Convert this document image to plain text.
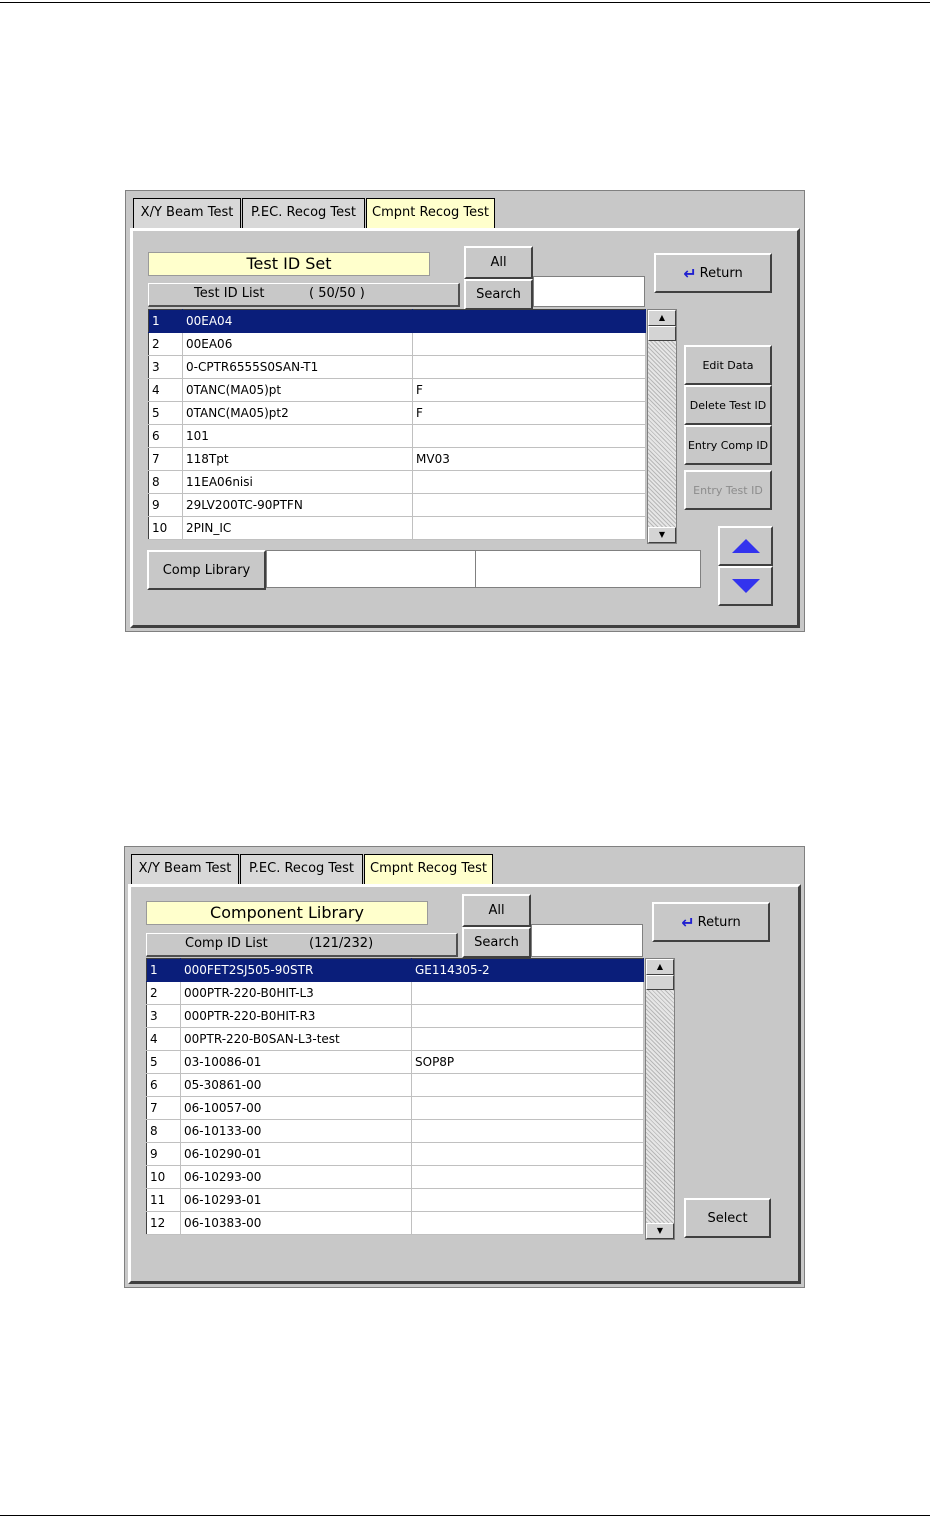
X/Y Beam Test	P.EC. Recog Test	Cmpnt Recog Test
Test ID Set

Test ID List

	( 50/50 )

All
Search
↵ Return
1	00EA04	
2	00EA06	
3	0-CPTR6555S0SAN-T1	
4	0TANC(MA05)pt	F
5	0TANC(MA05)pt2	F
6	101	
7	118Tpt	MV03
8	11EA06nisi	
9	29LV200TC-90PTFN	
10	2PIN_IC	
▲
▼
Edit Data
Delete Test ID
Entry Comp ID
Entry Test ID
Comp Library
X/Y Beam Test	P.EC. Recog Test	Cmpnt Recog Test
Component Library

Comp ID List

	(121/232)

All
Search
↵ Return
1	000FET2SJ505-90STR	GE114305-2
2	000PTR-220-B0HIT-L3	
3	000PTR-220-B0HIT-R3	
4	00PTR-220-B0SAN-L3-test	
5	03-10086-01	SOP8P
6	05-30861-00	
7	06-10057-00	
8	06-10133-00	
9	06-10290-01	
10	06-10293-00	
11	06-10293-01	
12	06-10383-00	
▲
▼
Select
